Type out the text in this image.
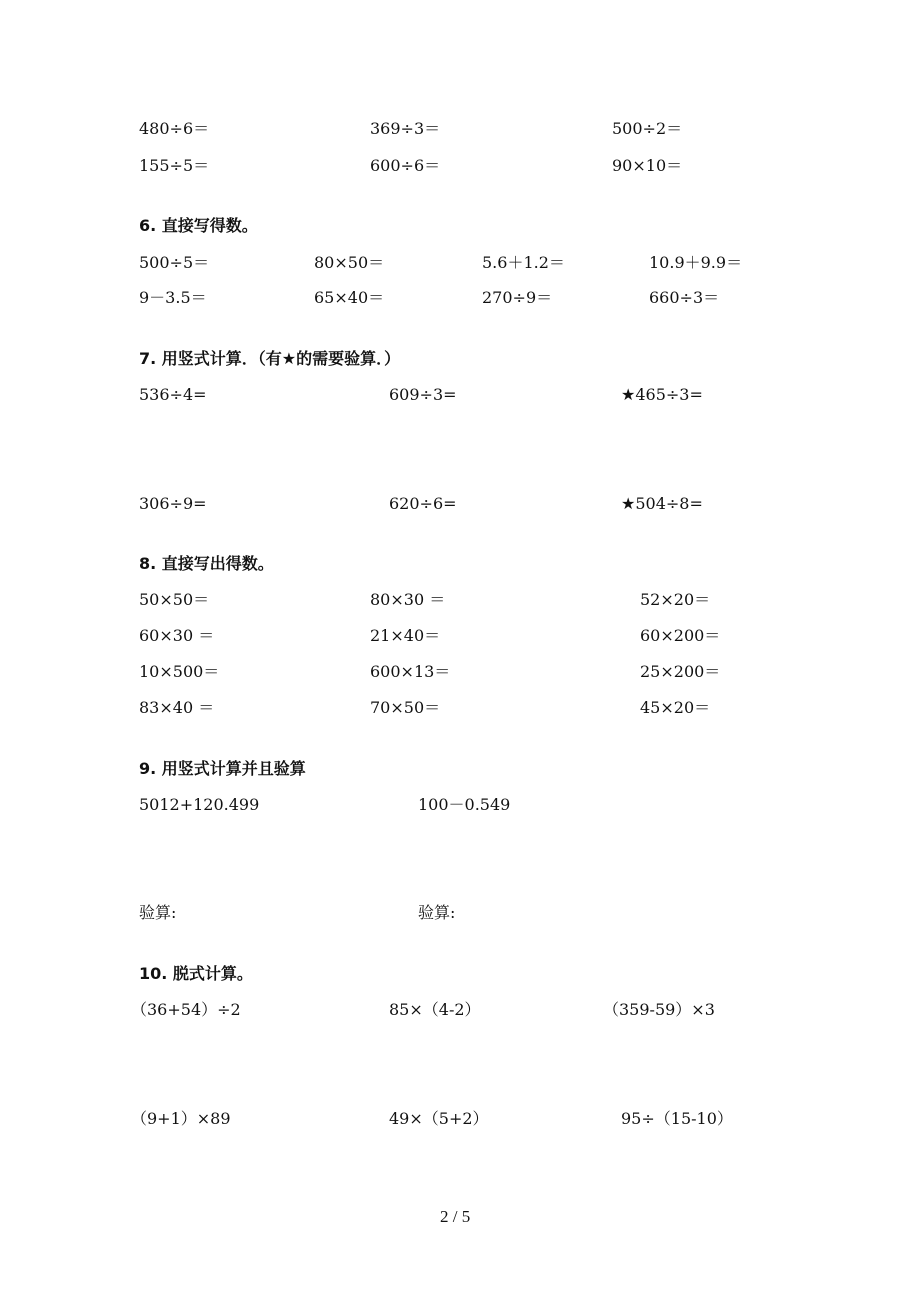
480÷6＝	369÷3＝	500÷2＝
155÷5＝	600÷6＝	90×10＝
6. 直接写得数。
500÷5＝	80×50＝	5.6＋1.2＝	10.9＋9.9＝
9－3.5＝	65×40＝	270÷9＝	660÷3＝
7. 用竖式计算．（有★的需要验算．）
536÷4=	609÷3=	★465÷3=
306÷9=	620÷6=	★504÷8=
8. 直接写出得数。
50×50＝	80×30 ＝	52×20＝
60×30 ＝	21×40＝	60×200＝
10×500＝	600×13＝	25×200＝
83×40 ＝	70×50＝	45×20＝
9. 用竖式计算并且验算
5012+120.499	100－0.549
验算:	验算:
10. 脱式计算。
（36+54）÷2	85×（4-2）	（359-59）×3
（9+1）×89	49×（5+2）	95÷（15-10）
2 / 5
